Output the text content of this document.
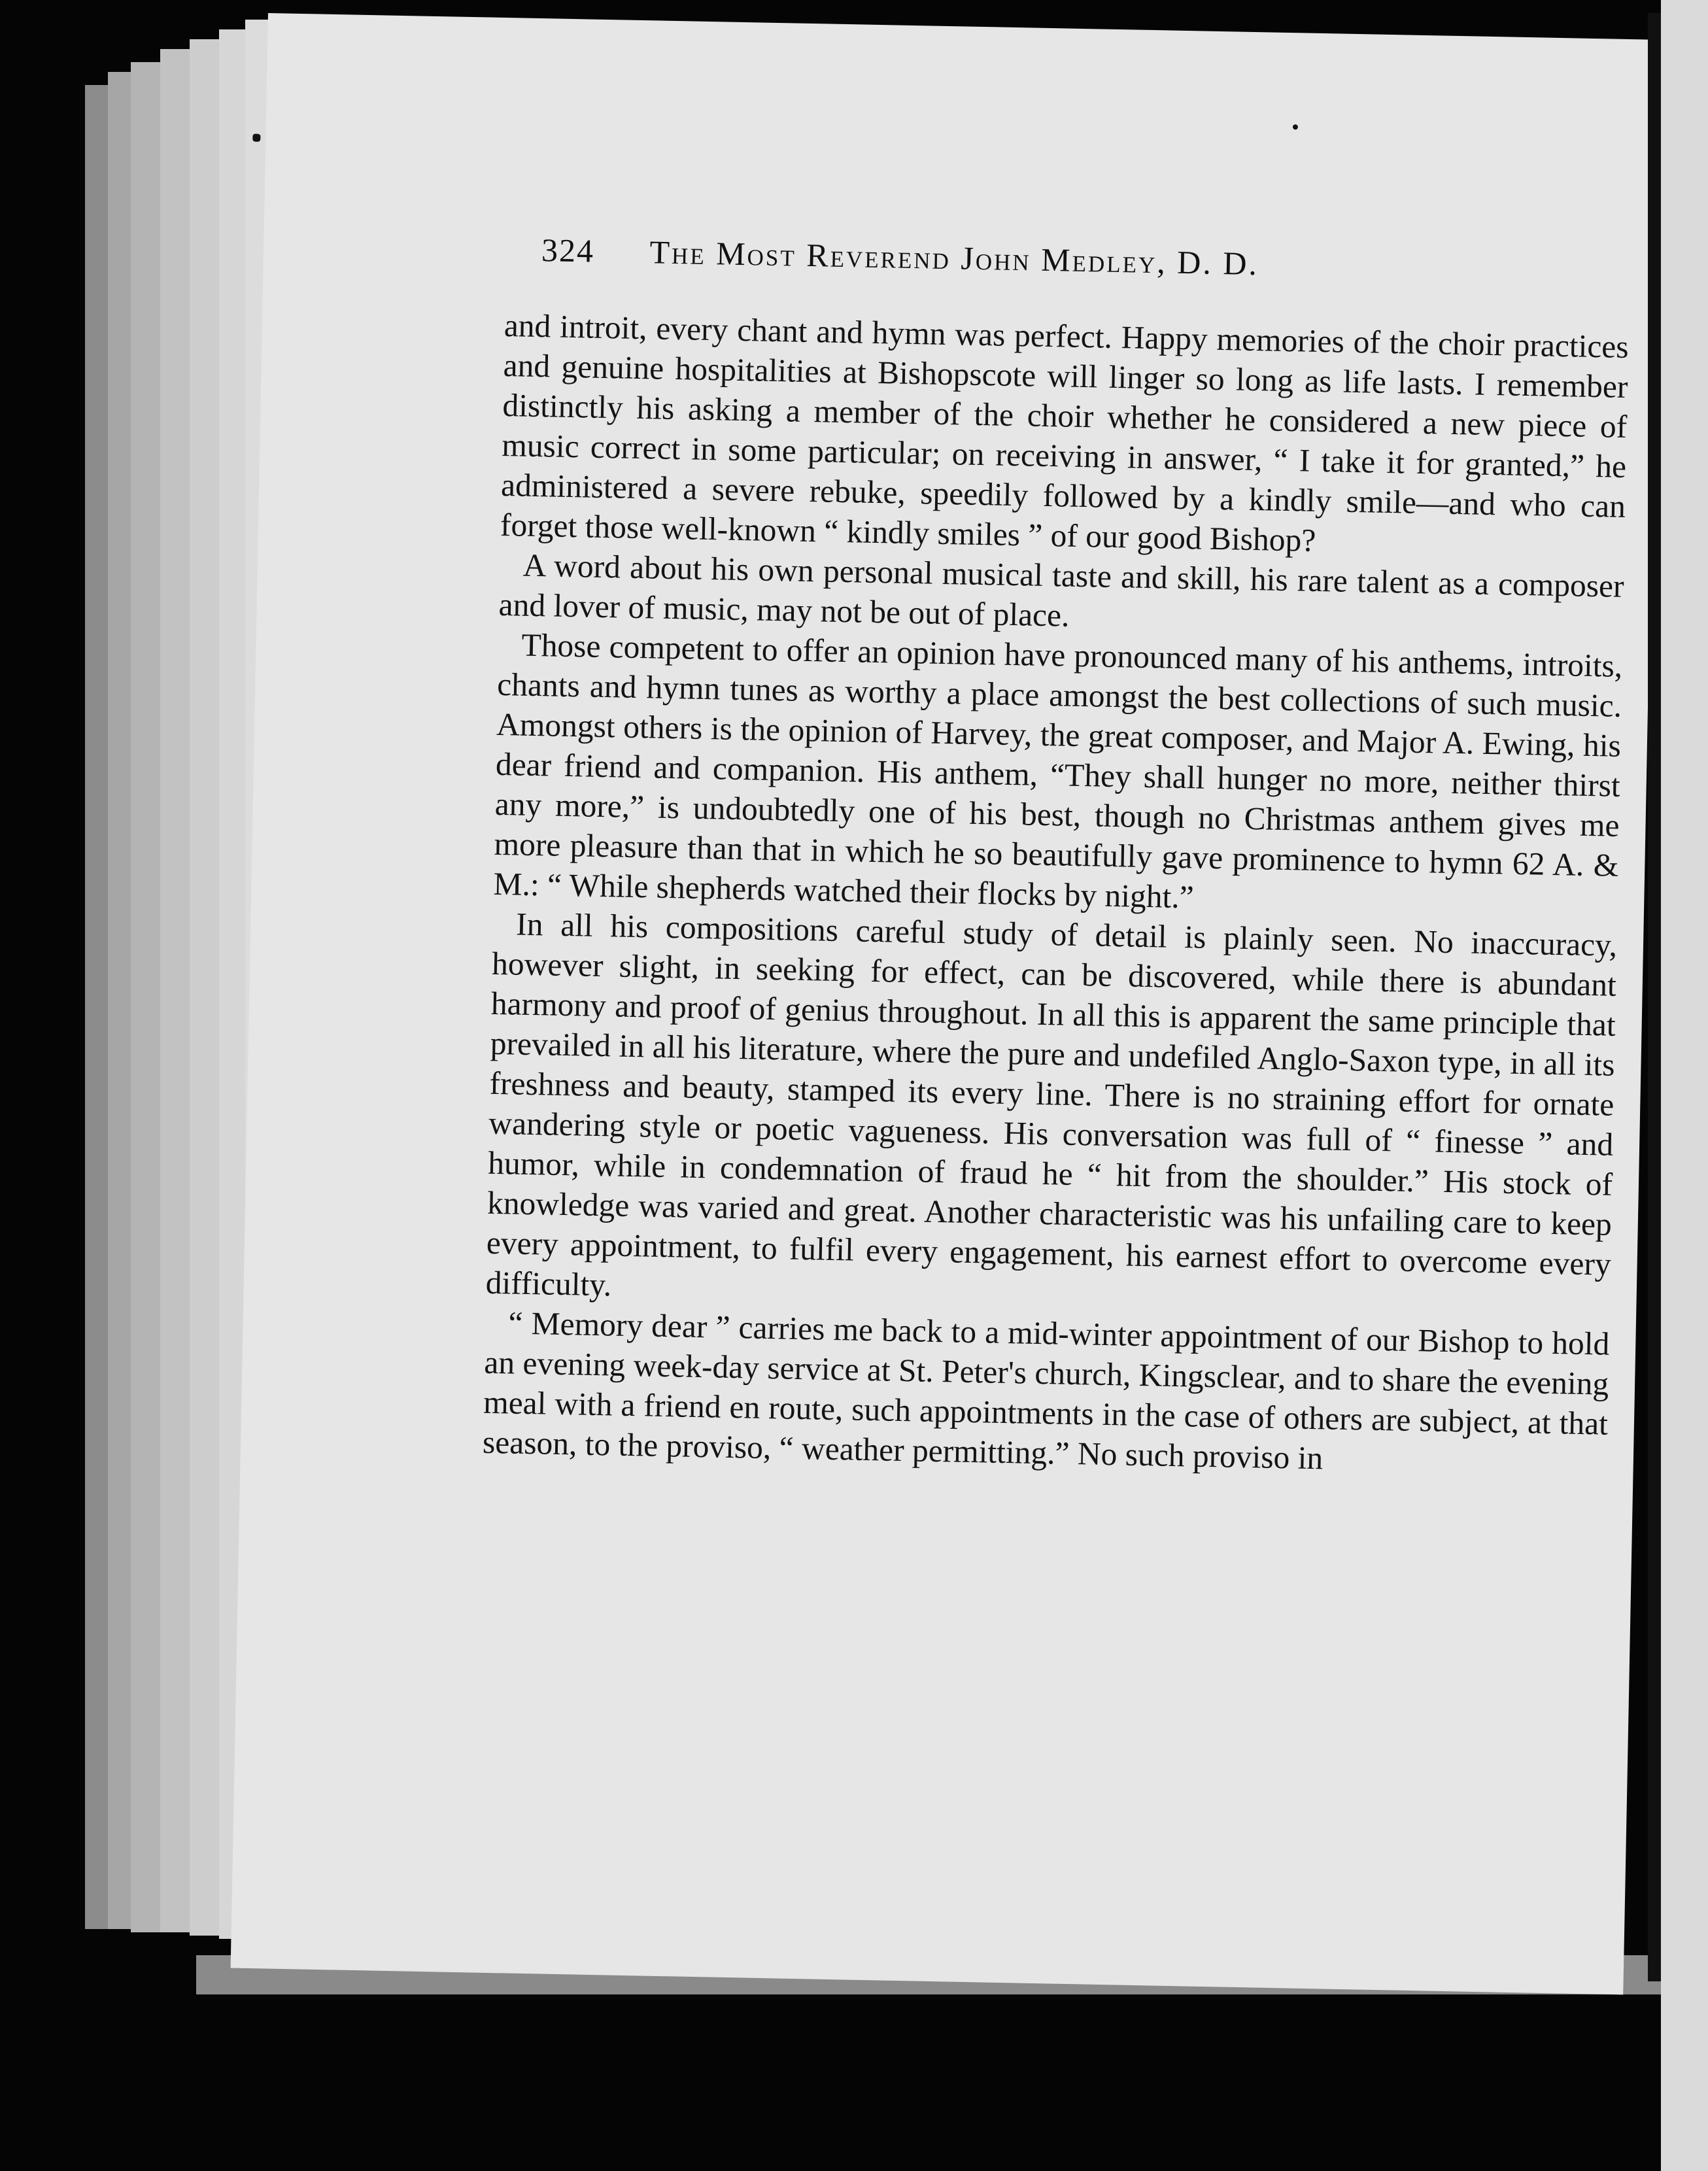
324 The Most Reverend John Medley, D. D.

and introit, every chant and hymn was perfect. Happy memories of the choir practices and genuine hospitalities at Bishopscote will linger so long as life lasts. I remember distinctly his asking a member of the choir whether he considered a new piece of music correct in some particular; on receiving in answer, “ I take it for granted,” he administered a severe rebuke, speedily followed by a kindly smile—and who can forget those well-known “ kindly smiles ” of our good Bishop?

A word about his own personal musical taste and skill, his rare talent as a composer and lover of music, may not be out of place.

Those competent to offer an opinion have pronounced many of his anthems, introits, chants and hymn tunes as worthy a place amongst the best collections of such music. Amongst others is the opinion of Harvey, the great composer, and Major A. Ewing, his dear friend and companion. His anthem, “They shall hunger no more, neither thirst any more,” is undoubtedly one of his best, though no Christmas anthem gives me more pleasure than that in which he so beautifully gave prominence to hymn 62 A. & M.: “ While shepherds watched their flocks by night.”

In all his compositions careful study of detail is plainly seen. No inaccuracy, however slight, in seeking for effect, can be discovered, while there is abundant harmony and proof of genius throughout. In all this is apparent the same principle that prevailed in all his literature, where the pure and undefiled Anglo-Saxon type, in all its freshness and beauty, stamped its every line. There is no straining effort for ornate wandering style or poetic vagueness. His conversation was full of “ finesse ” and humor, while in condemnation of fraud he “ hit from the shoulder.” His stock of knowledge was varied and great. Another characteristic was his unfailing care to keep every appointment, to fulfil every engagement, his earnest effort to overcome every difficulty.

“ Memory dear ” carries me back to a mid-winter appointment of our Bishop to hold an evening week-day service at St. Peter's church, Kingsclear, and to share the evening meal with a friend en route, such appointments in the case of others are subject, at that season, to the proviso, “ weather permitting.” No such proviso in
